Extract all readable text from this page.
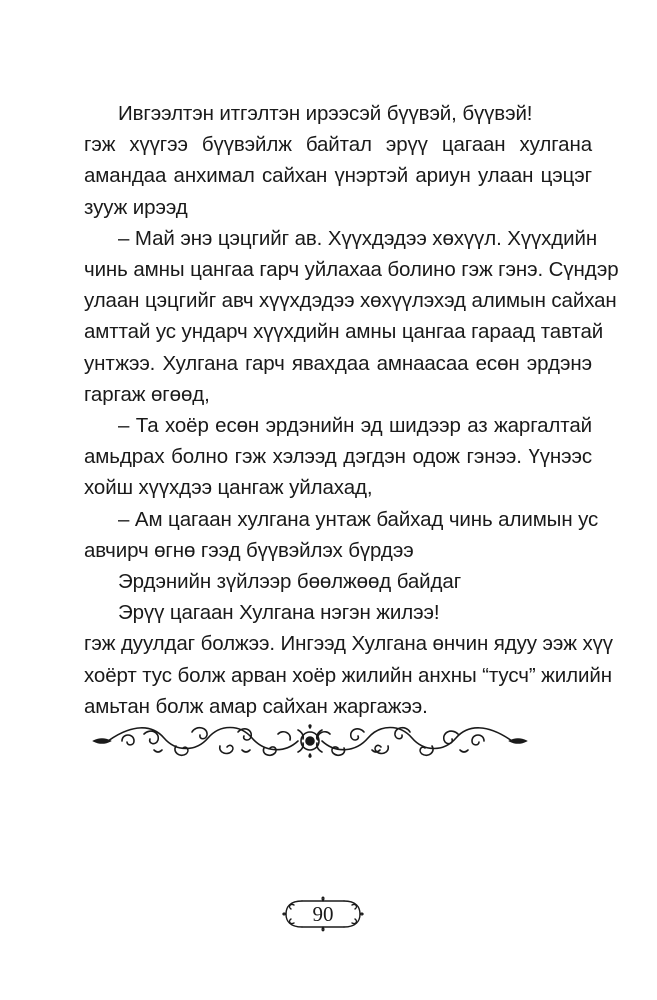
Ивгээлтэн итгэлтэн ирээсэй бүүвэй, бүүвэй!
гэж хүүгээ бүүвэйлж байтал эрүү цагаан хулгана
амандаа анхимал сайхан үнэртэй ариун улаан цэцэг
зууж ирээд
– Май энэ цэцгийг ав. Хүүхдэдээ хөхүүл. Хүүхдийн
чинь амны цангаа гарч уйлахаа болино гэж гэнэ. Сүндэр
улаан цэцгийг авч хүүхдэдээ хөхүүлэхэд алимын сайхан
амттай ус ундарч хүүхдийн амны цангаа гараад тавтай
унтжээ. Хулгана гарч явахдаа амнаасаа есөн эрдэнэ
гаргаж өгөөд,
– Та хоёр есөн эрдэнийн эд шидээр аз жаргалтай
амьдрах болно гэж хэлээд дэгдэн одож гэнээ. Үүнээс
хойш хүүхдээ цангаж уйлахад,
– Ам цагаан хулгана унтаж байхад чинь алимын ус
авчирч өгнө гээд бүүвэйлэх бүрдээ
Эрдэнийн зүйлээр бөөлжөөд байдаг
Эрүү цагаан Хулгана нэгэн жилээ!
гэж дуулдаг болжээ. Ингээд Хулгана өнчин ядуу ээж хүү
хоёрт тус болж арван хоёр жилийн анхны “тусч” жилийн
амьтан болж амар сайхан жаргажээ.
90
